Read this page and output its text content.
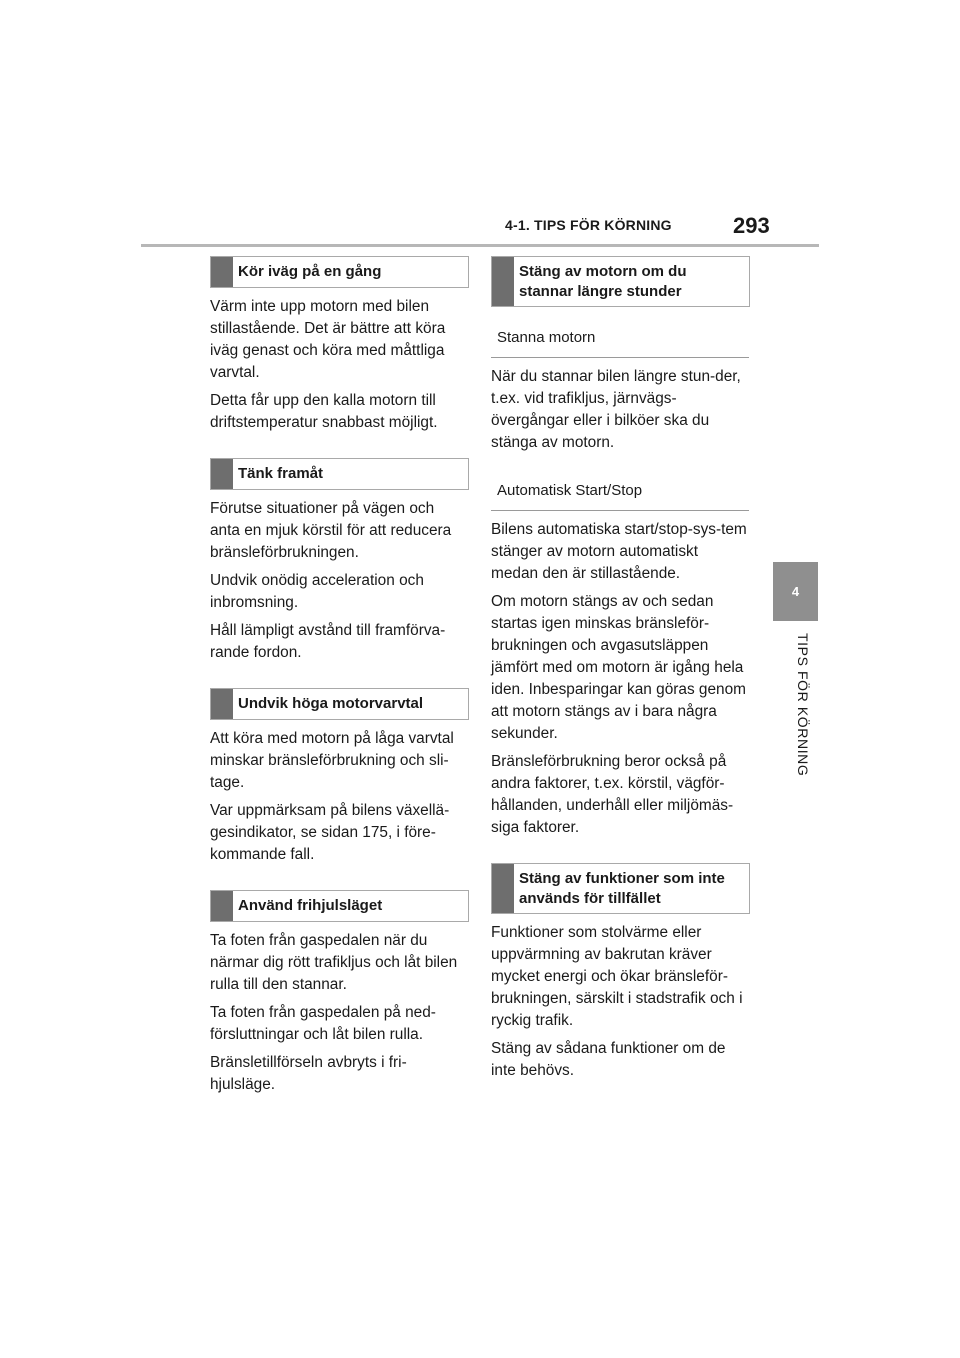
4-1. TIPS FÖR KÖRNING	293
4
TIPS FÖR KÖRNING
Kör iväg på en gång

Värm inte upp motorn med bilen stillastående. Det är bättre att köra iväg genast och köra med måttliga varvtal.

Detta får upp den kalla motorn till driftstemperatur snabbast möjligt.

Tänk framåt

Förutse situationer på vägen och anta en mjuk körstil för att reducera bränsleförbrukningen.

Undvik onödig acceleration och inbromsning.

Håll lämpligt avstånd till framförva-rande fordon.

Undvik höga motorvarvtal

Att köra med motorn på låga varvtal minskar bränsleförbrukning och sli-tage.

Var uppmärksam på bilens växellä-gesindikator, se sidan 175, i före-kommande fall.

Använd frihjulsläget

Ta foten från gaspedalen när du närmar dig rött trafikljus och låt bilen rulla till den stannar.

Ta foten från gaspedalen på ned-försluttningar och låt bilen rulla.

Bränsletillförseln avbryts i fri-hjulsläge.

Stäng av motorn om du stannar längre stunder
Stanna motorn

När du stannar bilen längre stun-der, t.ex. vid trafikljus, järnvägs-övergångar eller i bilköer ska du stänga av motorn.

Automatisk Start/Stop

Bilens automatiska start/stop-sys-tem stänger av motorn automatiskt medan den är stillastående.

Om motorn stängs av och sedan startas igen minskas bränsleför-brukningen och avgasutsläppen jämfört med om motorn är igång hela iden. Inbesparingar kan göras genom att motorn stängs av i bara några sekunder.

Bränsleförbrukning beror också på andra faktorer, t.ex. körstil, vägför-hållanden, underhåll eller miljömäs-siga faktorer.

Stäng av funktioner som inte används för tillfället

Funktioner som stolvärme eller uppvärmning av bakrutan kräver mycket energi och ökar bränsleför-brukningen, särskilt i stadstrafik och i ryckig trafik.

Stäng av sådana funktioner om de inte behövs.
